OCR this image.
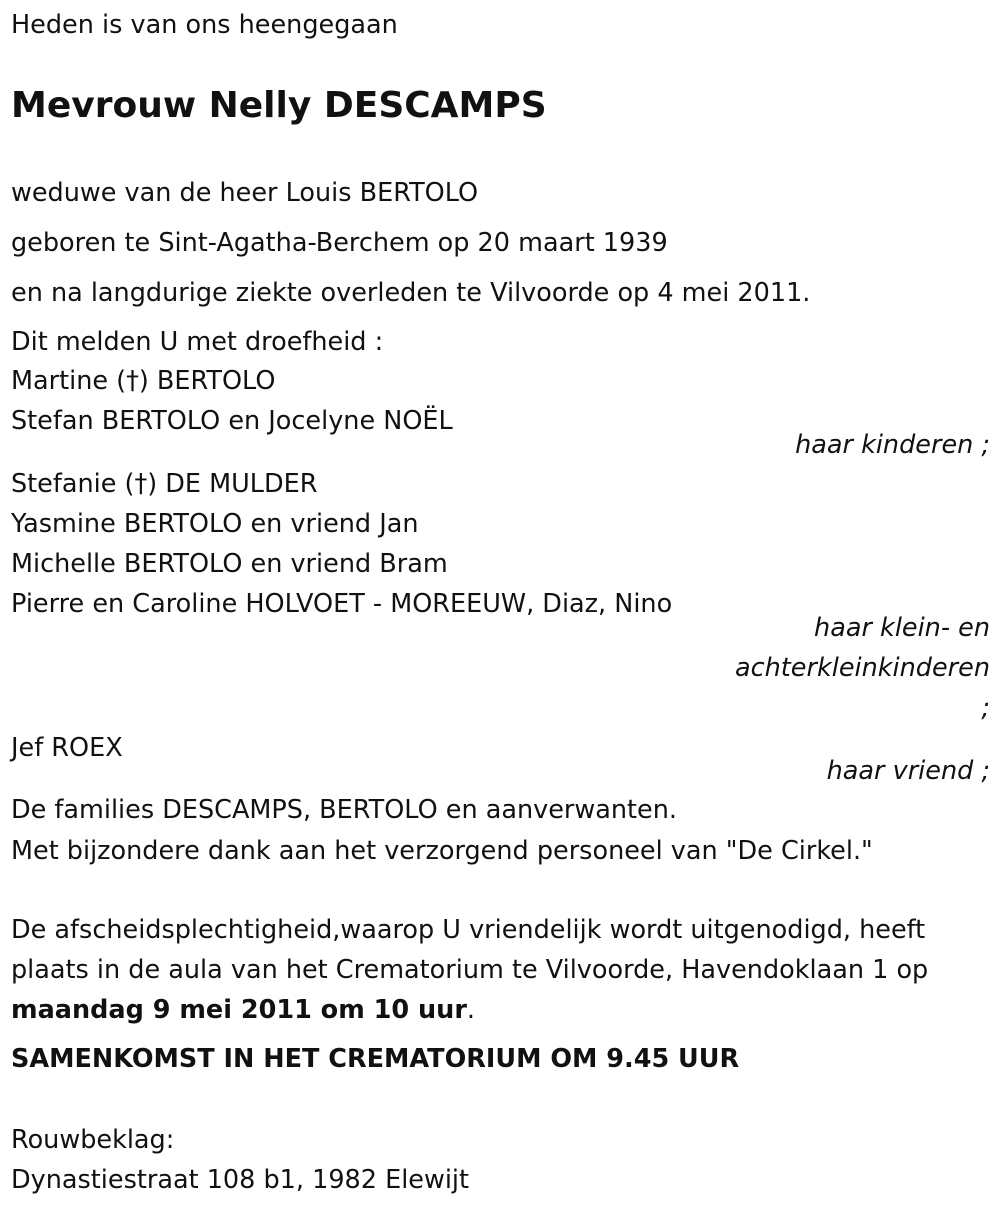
Heden is van ons heengegaan
Mevrouw Nelly DESCAMPS
weduwe van de heer Louis BERTOLO
geboren te Sint-Agatha-Berchem op 20 maart 1939
en na langdurige ziekte overleden te Vilvoorde op 4 mei 2011.
Dit melden U met droefheid :
Martine (†) BERTOLO
Stefan BERTOLO en Jocelyne NOËL
haar kinderen ;
Stefanie (†) DE MULDER
Yasmine BERTOLO en vriend Jan
Michelle BERTOLO en vriend Bram
Pierre en Caroline HOLVOET - MOREEUW, Diaz, Nino
haar klein- en
achterkleinkinderen
;
Jef ROEX
haar vriend ;
De families DESCAMPS, BERTOLO en aanverwanten.
Met bijzondere dank aan het verzorgend personeel van "De Cirkel."
De afscheidsplechtigheid,waarop U vriendelijk wordt uitgenodigd, heeft
plaats in de aula van het Crematorium te Vilvoorde, Havendoklaan 1 op
maandag 9 mei 2011 om 10 uur.
SAMENKOMST IN HET CREMATORIUM OM 9.45 UUR
Rouwbeklag:
Dynastiestraat 108 b1, 1982 Elewijt
